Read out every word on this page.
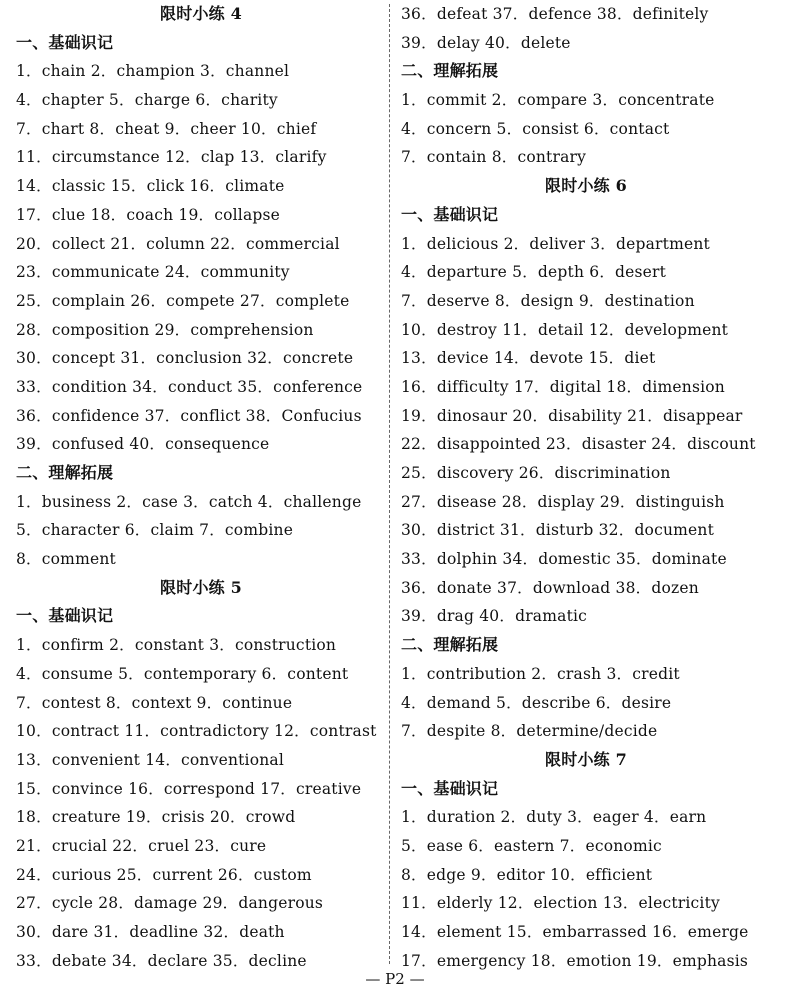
限时小练 4
一、基础识记
1．chain 2．champion 3．channel
4．chapter 5．charge 6．charity
7．chart 8．cheat 9．cheer 10．chief
11．circumstance 12．clap 13．clarify
14．classic 15．click 16．climate
17．clue 18．coach 19．collapse
20．collect 21．column 22．commercial
23．communicate 24．community
25．complain 26．compete 27．complete
28．composition 29．comprehension
30．concept 31．conclusion 32．concrete
33．condition 34．conduct 35．conference
36．confidence 37．conflict 38．Confucius
39．confused 40．consequence
二、理解拓展
1．business 2．case 3．catch 4．challenge
5．character 6．claim 7．combine
8．comment
限时小练 5
一、基础识记
1．confirm 2．constant 3．construction
4．consume 5．contemporary 6．content
7．contest 8．context 9．continue
10．contract 11．contradictory 12．contrast
13．convenient 14．conventional
15．convince 16．correspond 17．creative
18．creature 19．crisis 20．crowd
21．crucial 22．cruel 23．cure
24．curious 25．current 26．custom
27．cycle 28．damage 29．dangerous
30．dare 31．deadline 32．death
33．debate 34．declare 35．decline
36．defeat 37．defence 38．definitely
39．delay 40．delete
二、理解拓展
1．commit 2．compare 3．concentrate
4．concern 5．consist 6．contact
7．contain 8．contrary
限时小练 6
一、基础识记
1．delicious 2．deliver 3．department
4．departure 5．depth 6．desert
7．deserve 8．design 9．destination
10．destroy 11．detail 12．development
13．device 14．devote 15．diet
16．difficulty 17．digital 18．dimension
19．dinosaur 20．disability 21．disappear
22．disappointed 23．disaster 24．discount
25．discovery 26．discrimination
27．disease 28．display 29．distinguish
30．district 31．disturb 32．document
33．dolphin 34．domestic 35．dominate
36．donate 37．download 38．dozen
39．drag 40．dramatic
二、理解拓展
1．contribution 2．crash 3．credit
4．demand 5．describe 6．desire
7．despite 8．determine/decide
限时小练 7
一、基础识记
1．duration 2．duty 3．eager 4．earn
5．ease 6．eastern 7．economic
8．edge 9．editor 10．efficient
11．elderly 12．election 13．electricity
14．element 15．embarrassed 16．emerge
17．emergency 18．emotion 19．emphasis
— P2 —
